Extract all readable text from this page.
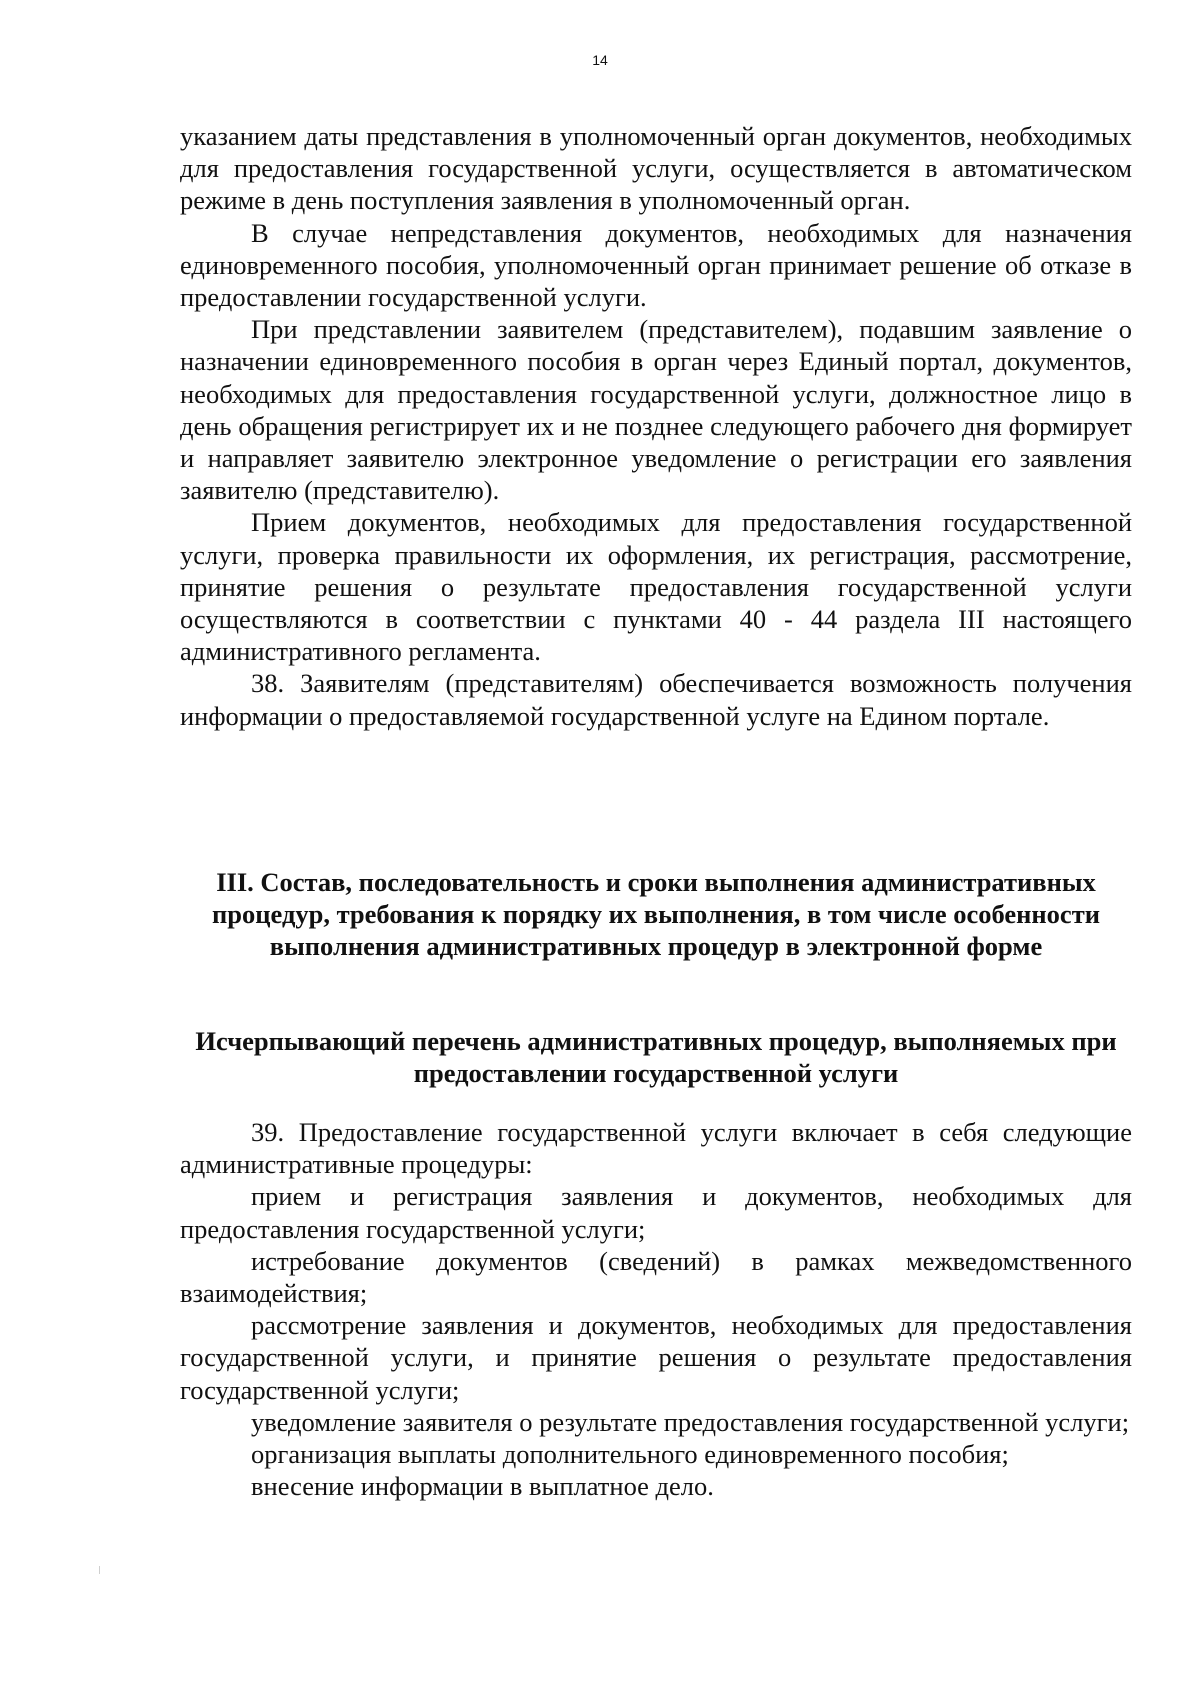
14

указанием даты представления в уполномоченный орган документов, необходимых для предоставления государственной услуги, осуществляется в автоматическом режиме в день поступления заявления в уполномоченный орган.

В случае непредставления документов, необходимых для назначения единовременного пособия, уполномоченный орган принимает решение об отказе в предоставлении государственной услуги.

При представлении заявителем (представителем), подавшим заявление о назначении единовременного пособия в орган через Единый портал, документов, необходимых для предоставления государственной услуги, должностное лицо в день обращения регистрирует их и не позднее следующего рабочего дня формирует и направляет заявителю электронное уведомление о регистрации его заявления заявителю (представителю).

Прием документов, необходимых для предоставления государственной услуги, проверка правильности их оформления, их регистрация, рассмотрение, принятие решения о результате предоставления государственной услуги осуществляются в соответствии с пунктами 40 - 44 раздела III настоящего административного регламента.

38. Заявителям (представителям) обеспечивается возможность получения информации о предоставляемой государственной услуге на Едином портале.

III. Состав, последовательность и сроки выполнения административных процедур, требования к порядку их выполнения, в том числе особенности выполнения административных процедур в электронной форме

Исчерпывающий перечень административных процедур, выполняемых при предоставлении государственной услуги

39. Предоставление государственной услуги включает в себя следующие административные процедуры:

прием и регистрация заявления и документов, необходимых для предоставления государственной услуги;

истребование документов (сведений) в рамках межведомственного взаимодействия;

рассмотрение заявления и документов, необходимых для предоставления государственной услуги, и принятие решения о результате предоставления государственной услуги;

уведомление заявителя о результате предоставления государственной услуги;

организация выплаты дополнительного единовременного пособия;

внесение информации в выплатное дело.
